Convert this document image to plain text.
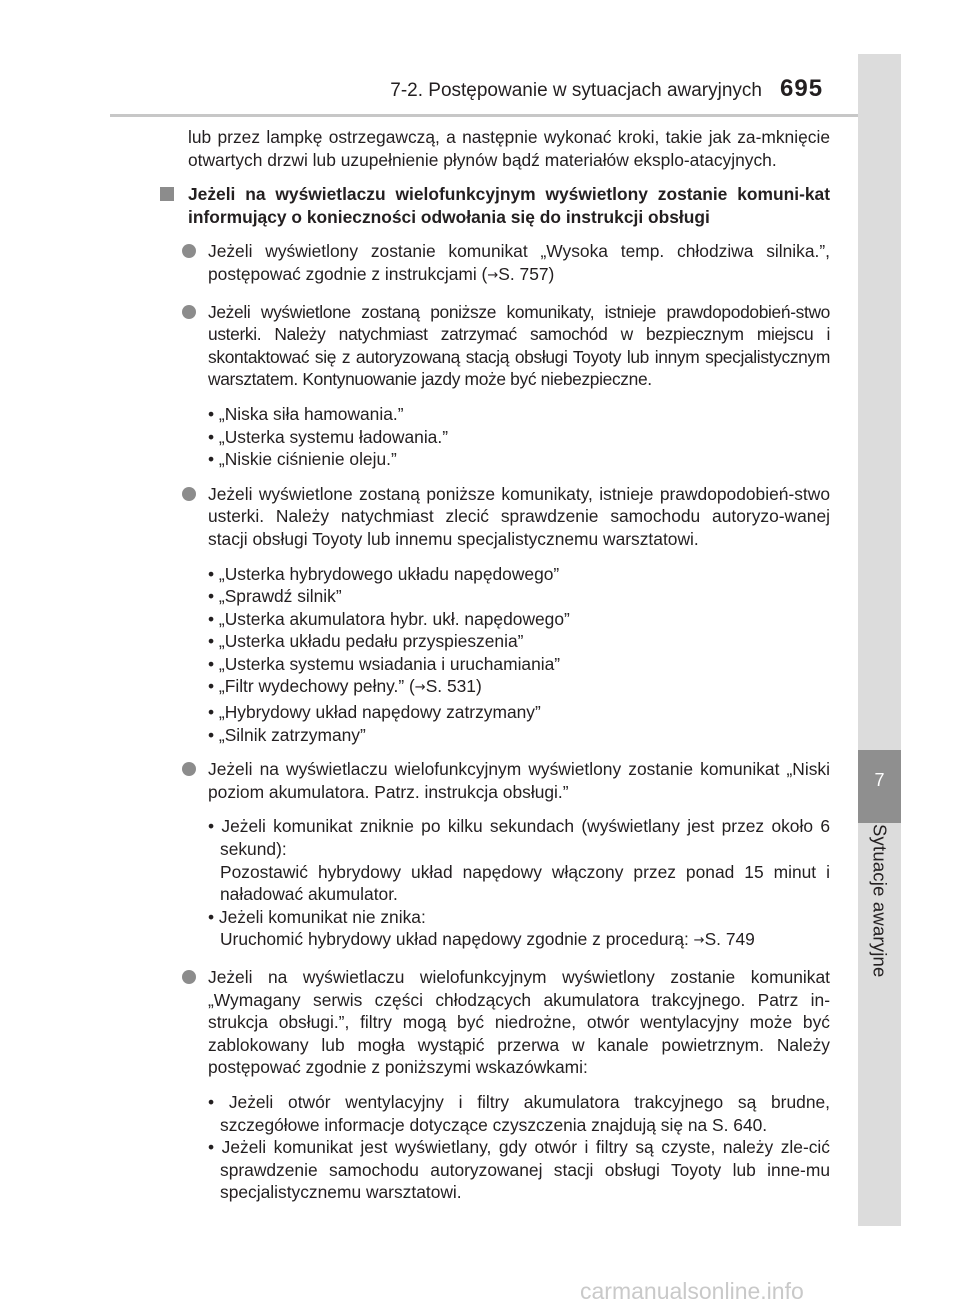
7-2. Postępowanie w sytuacjach awaryjnych 695
7
Sytuacje awaryjne

lub przez lampkę ostrzegawczą, a następnie wykonać kroki, takie jak za-mknięcie otwartych drzwi lub uzupełnienie płynów bądź materiałów eksplo-atacyjnych.

Jeżeli na wyświetlaczu wielofunkcyjnym wyświetlony zostanie komuni-kat informujący o konieczności odwołania się do instrukcji obsługi
Jeżeli wyświetlony zostanie komunikat „Wysoka temp. chłodziwa silnika.”, postępować zgodnie z instrukcjami (→S. 757)
Jeżeli wyświetlone zostaną poniższe komunikaty, istnieje prawdopodobień-stwo usterki. Należy natychmiast zatrzymać samochód w bezpiecznym miejscu i skontaktować się z autoryzowaną stacją obsługi Toyoty lub innym specjalistycznym warsztatem. Kontynuowanie jazdy może być niebezpieczne.

• „Niska siła hamowania.”

• „Usterka systemu ładowania.”

• „Niskie ciśnienie oleju.”

Jeżeli wyświetlone zostaną poniższe komunikaty, istnieje prawdopodobień-stwo usterki. Należy natychmiast zlecić sprawdzenie samochodu autoryzo-wanej stacji obsługi Toyoty lub innemu specjalistycznemu warsztatowi.

• „Usterka hybrydowego układu napędowego”

• „Sprawdź silnik”

• „Usterka akumulatora hybr. ukł. napędowego”

• „Usterka układu pedału przyspieszenia”

• „Usterka systemu wsiadania i uruchamiania”

• „Filtr wydechowy pełny.” (→S. 531)

• „Hybrydowy układ napędowy zatrzymany”

• „Silnik zatrzymany”

Jeżeli na wyświetlaczu wielofunkcyjnym wyświetlony zostanie komunikat „Niski poziom akumulatora. Patrz. instrukcja obsługi.”

• Jeżeli komunikat zniknie po kilku sekundach (wyświetlany jest przez około 6 sekund):

Pozostawić hybrydowy układ napędowy włączony przez ponad 15 minut i naładować akumulator.

• Jeżeli komunikat nie znika:

Uruchomić hybrydowy układ napędowy zgodnie z procedurą: →S. 749

Jeżeli na wyświetlaczu wielofunkcyjnym wyświetlony zostanie komunikat „Wymagany serwis części chłodzących akumulatora trakcyjnego. Patrz in-strukcja obsługi.”, filtry mogą być niedrożne, otwór wentylacyjny może być zablokowany lub mogła wystąpić przerwa w kanale powietrznym. Należy postępować zgodnie z poniższymi wskazówkami:

• Jeżeli otwór wentylacyjny i filtry akumulatora trakcyjnego są brudne, szczegółowe informacje dotyczące czyszczenia znajdują się na S. 640.

• Jeżeli komunikat jest wyświetlany, gdy otwór i filtry są czyste, należy zle-cić sprawdzenie samochodu autoryzowanej stacji obsługi Toyoty lub inne-mu specjalistycznemu warsztatowi.

carmanualsonline.info
